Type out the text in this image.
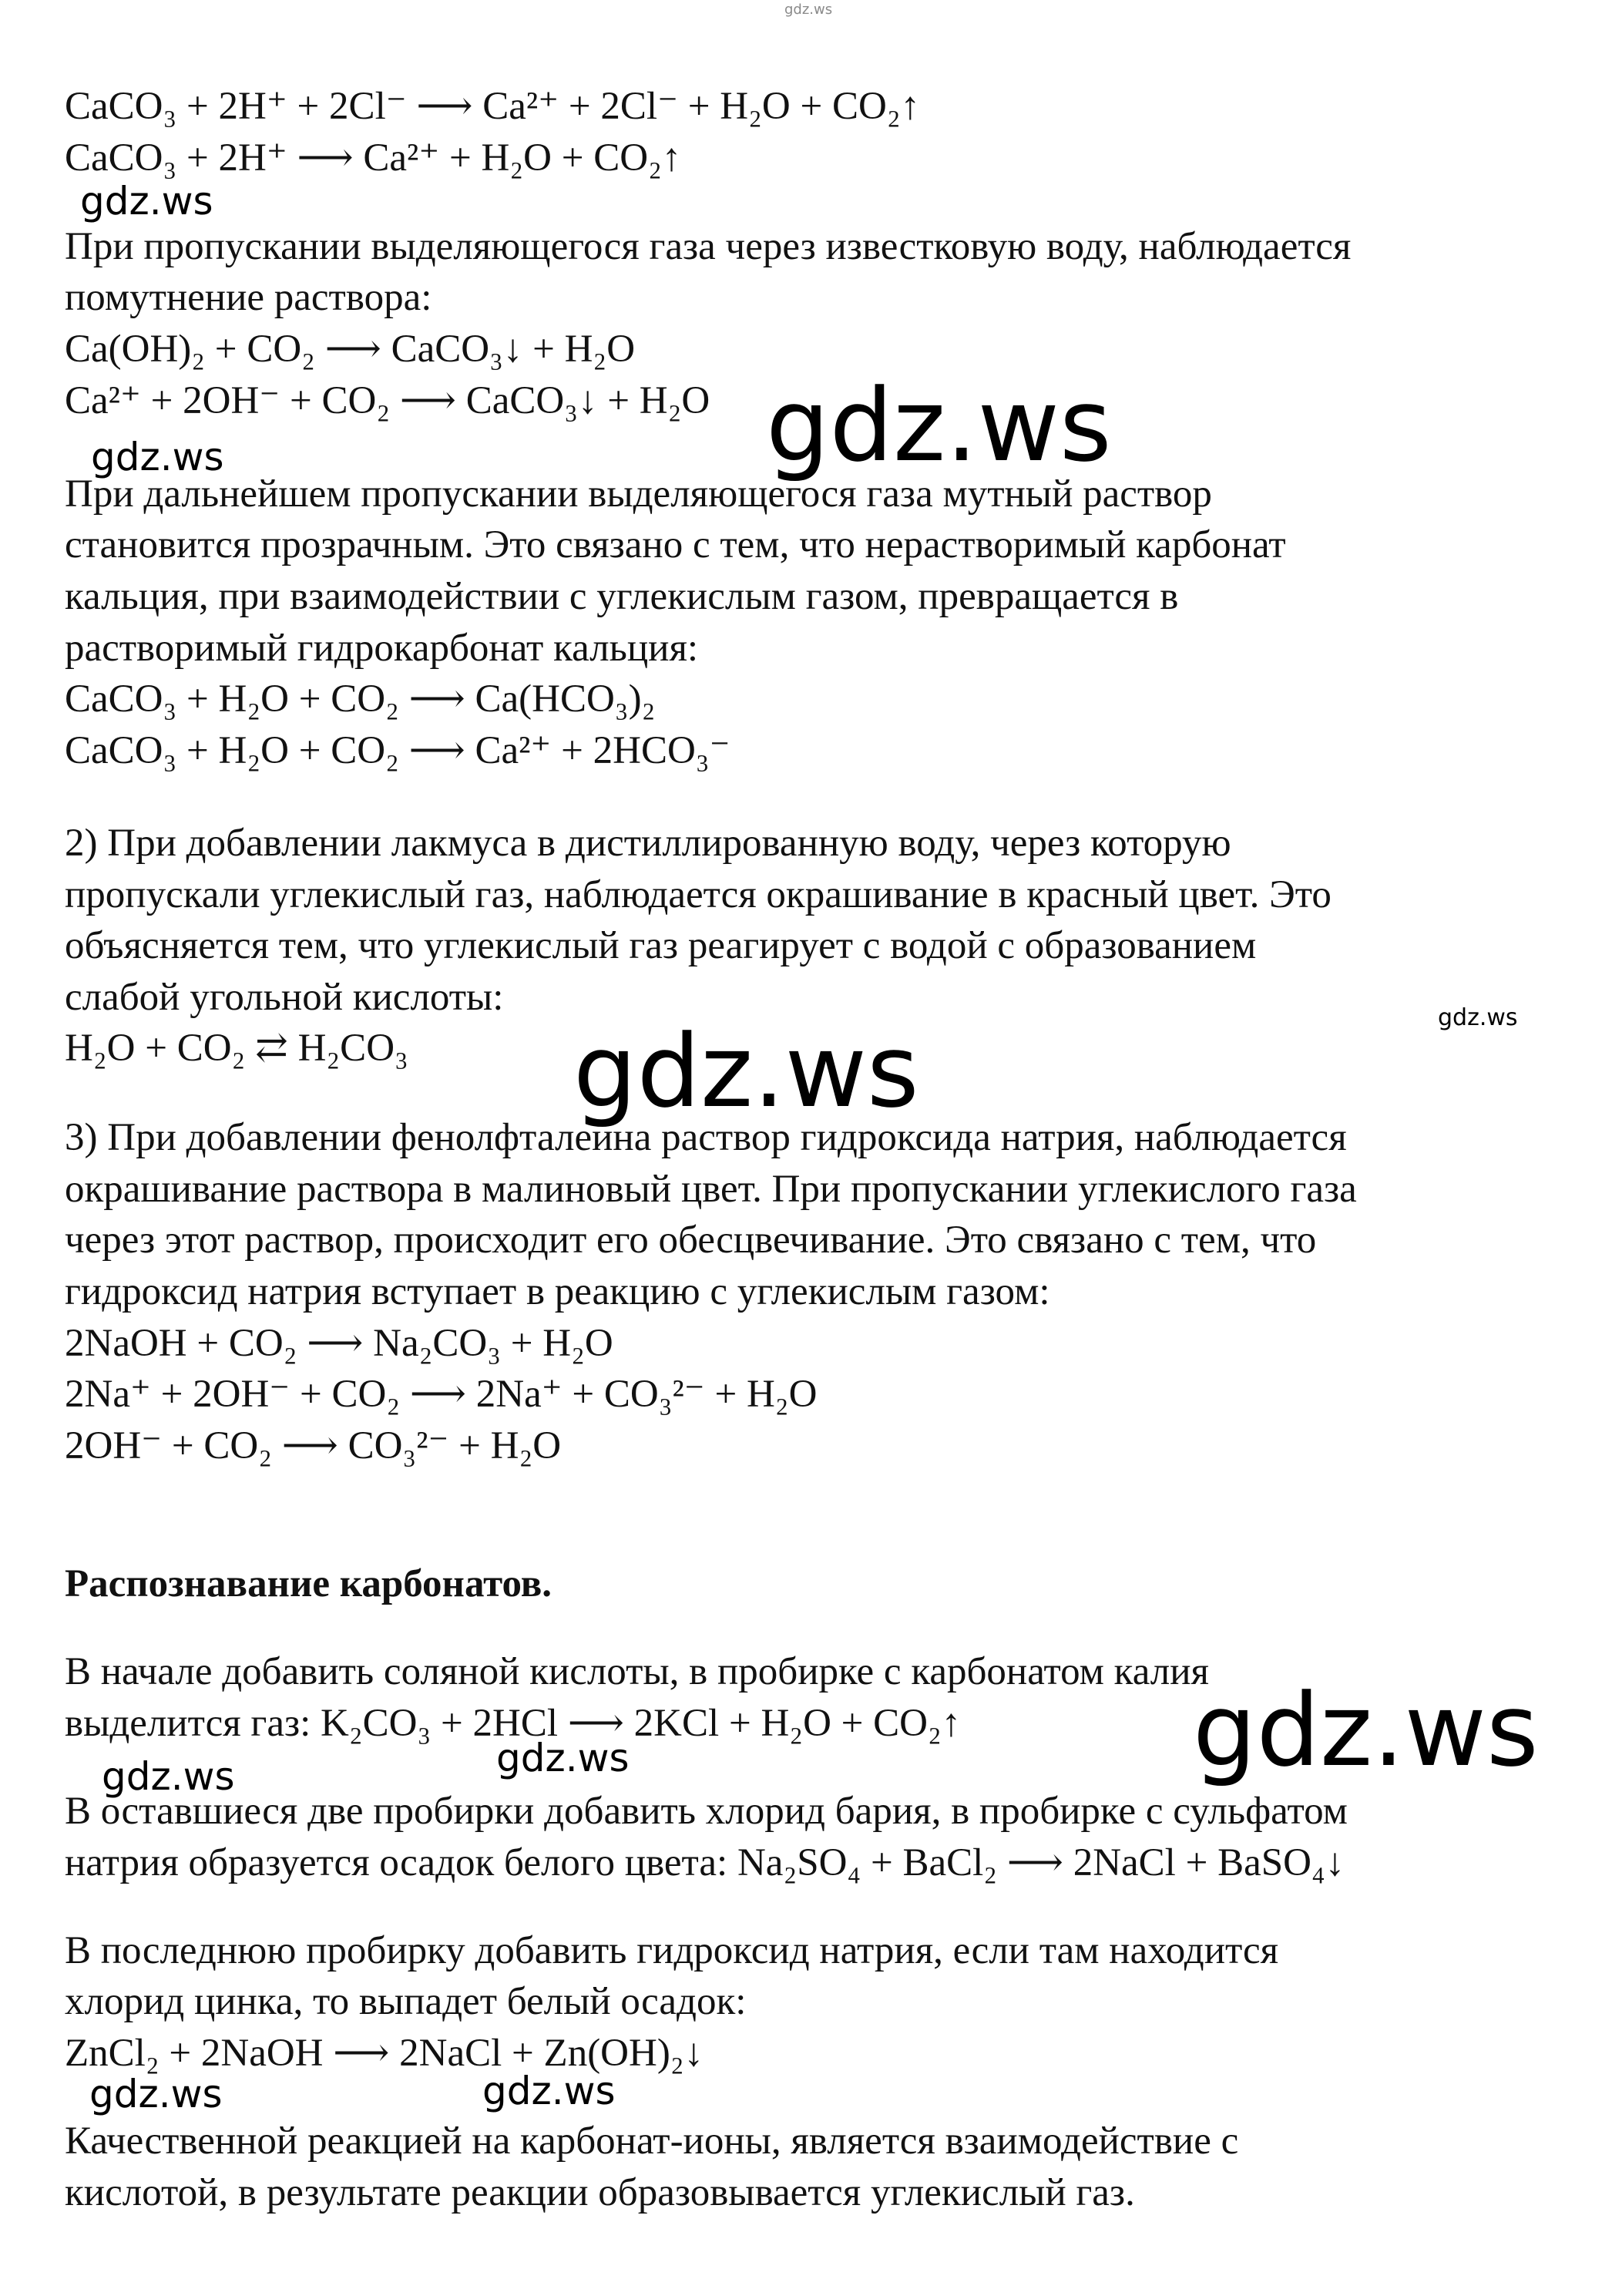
gdz.ws
CaCO₃ + 2H⁺ + 2Cl⁻ ⟶ Ca²⁺ + 2Cl⁻ + H₂O + CO₂↑
CaCO₃ + 2H⁺ ⟶ Ca²⁺ + H₂O + CO₂↑
gdz.ws
При пропускании выделяющегося газа через известковую воду, наблюдается
помутнение раствора:
Ca(OH)₂ + CO₂ ⟶ CaCO₃↓ + H₂O
Ca²⁺ + 2OH⁻ + CO₂ ⟶ CaCO₃↓ + H₂O gdz.ws
gdz.ws
При дальнейшем пропускании выделяющегося газа мутный раствор
становится прозрачным. Это связано с тем, что нерастворимый карбонат
кальция, при взаимодействии с углекислым газом, превращается в
растворимый гидрокарбонат кальция:
CaCO₃ + H₂O + CO₂ ⟶ Ca(HCO₃)₂
CaCO₃ + H₂O + CO₂ ⟶ Ca²⁺ + 2HCO₃⁻
2) При добавлении лакмуса в дистиллированную воду, через которую
пропускали углекислый газ, наблюдается окрашивание в красный цвет. Это
объясняется тем, что углекислый газ реагирует с водой с образованием
слабой угольной кислоты:	gdz.ws
H₂O + CO₂ ⇄ H₂CO₃ gdz.ws
3) При добавлении фенолфталеина раствор гидроксида натрия, наблюдается
окрашивание раствора в малиновый цвет. При пропускании углекислого газа
через этот раствор, происходит его обесцвечивание. Это связано с тем, что
гидроксид натрия вступает в реакцию с углекислым газом:
2NaOH + CO₂ ⟶ Na₂CO₃ + H₂O
2Na⁺ + 2OH⁻ + CO₂ ⟶ 2Na⁺ + CO₃²⁻ + H₂O
2OH⁻ + CO₂ ⟶ CO₃²⁻ + H₂O
Распознавание карбонатов.
В начале добавить соляной кислоты, в пробирке с карбонатом калия
выделится газ: K₂CO₃ + 2HCl ⟶ 2KCl + H₂O + CO₂↑ gdz.ws
gdz.ws
gdz.ws
В оставшиеся две пробирки добавить хлорид бария, в пробирке с сульфатом
натрия образуется осадок белого цвета: Na₂SO₄ + BaCl₂ ⟶ 2NaCl + BaSO₄↓
В последнюю пробирку добавить гидроксид натрия, если там находится
хлорид цинка, то выпадет белый осадок:
ZnCl₂ + 2NaOH ⟶ 2NaCl + Zn(OH)₂↓
gdz.ws	gdz.ws
Качественной реакцией на карбонат-ионы, является взаимодействие с
кислотой, в результате реакции образовывается углекислый газ.
